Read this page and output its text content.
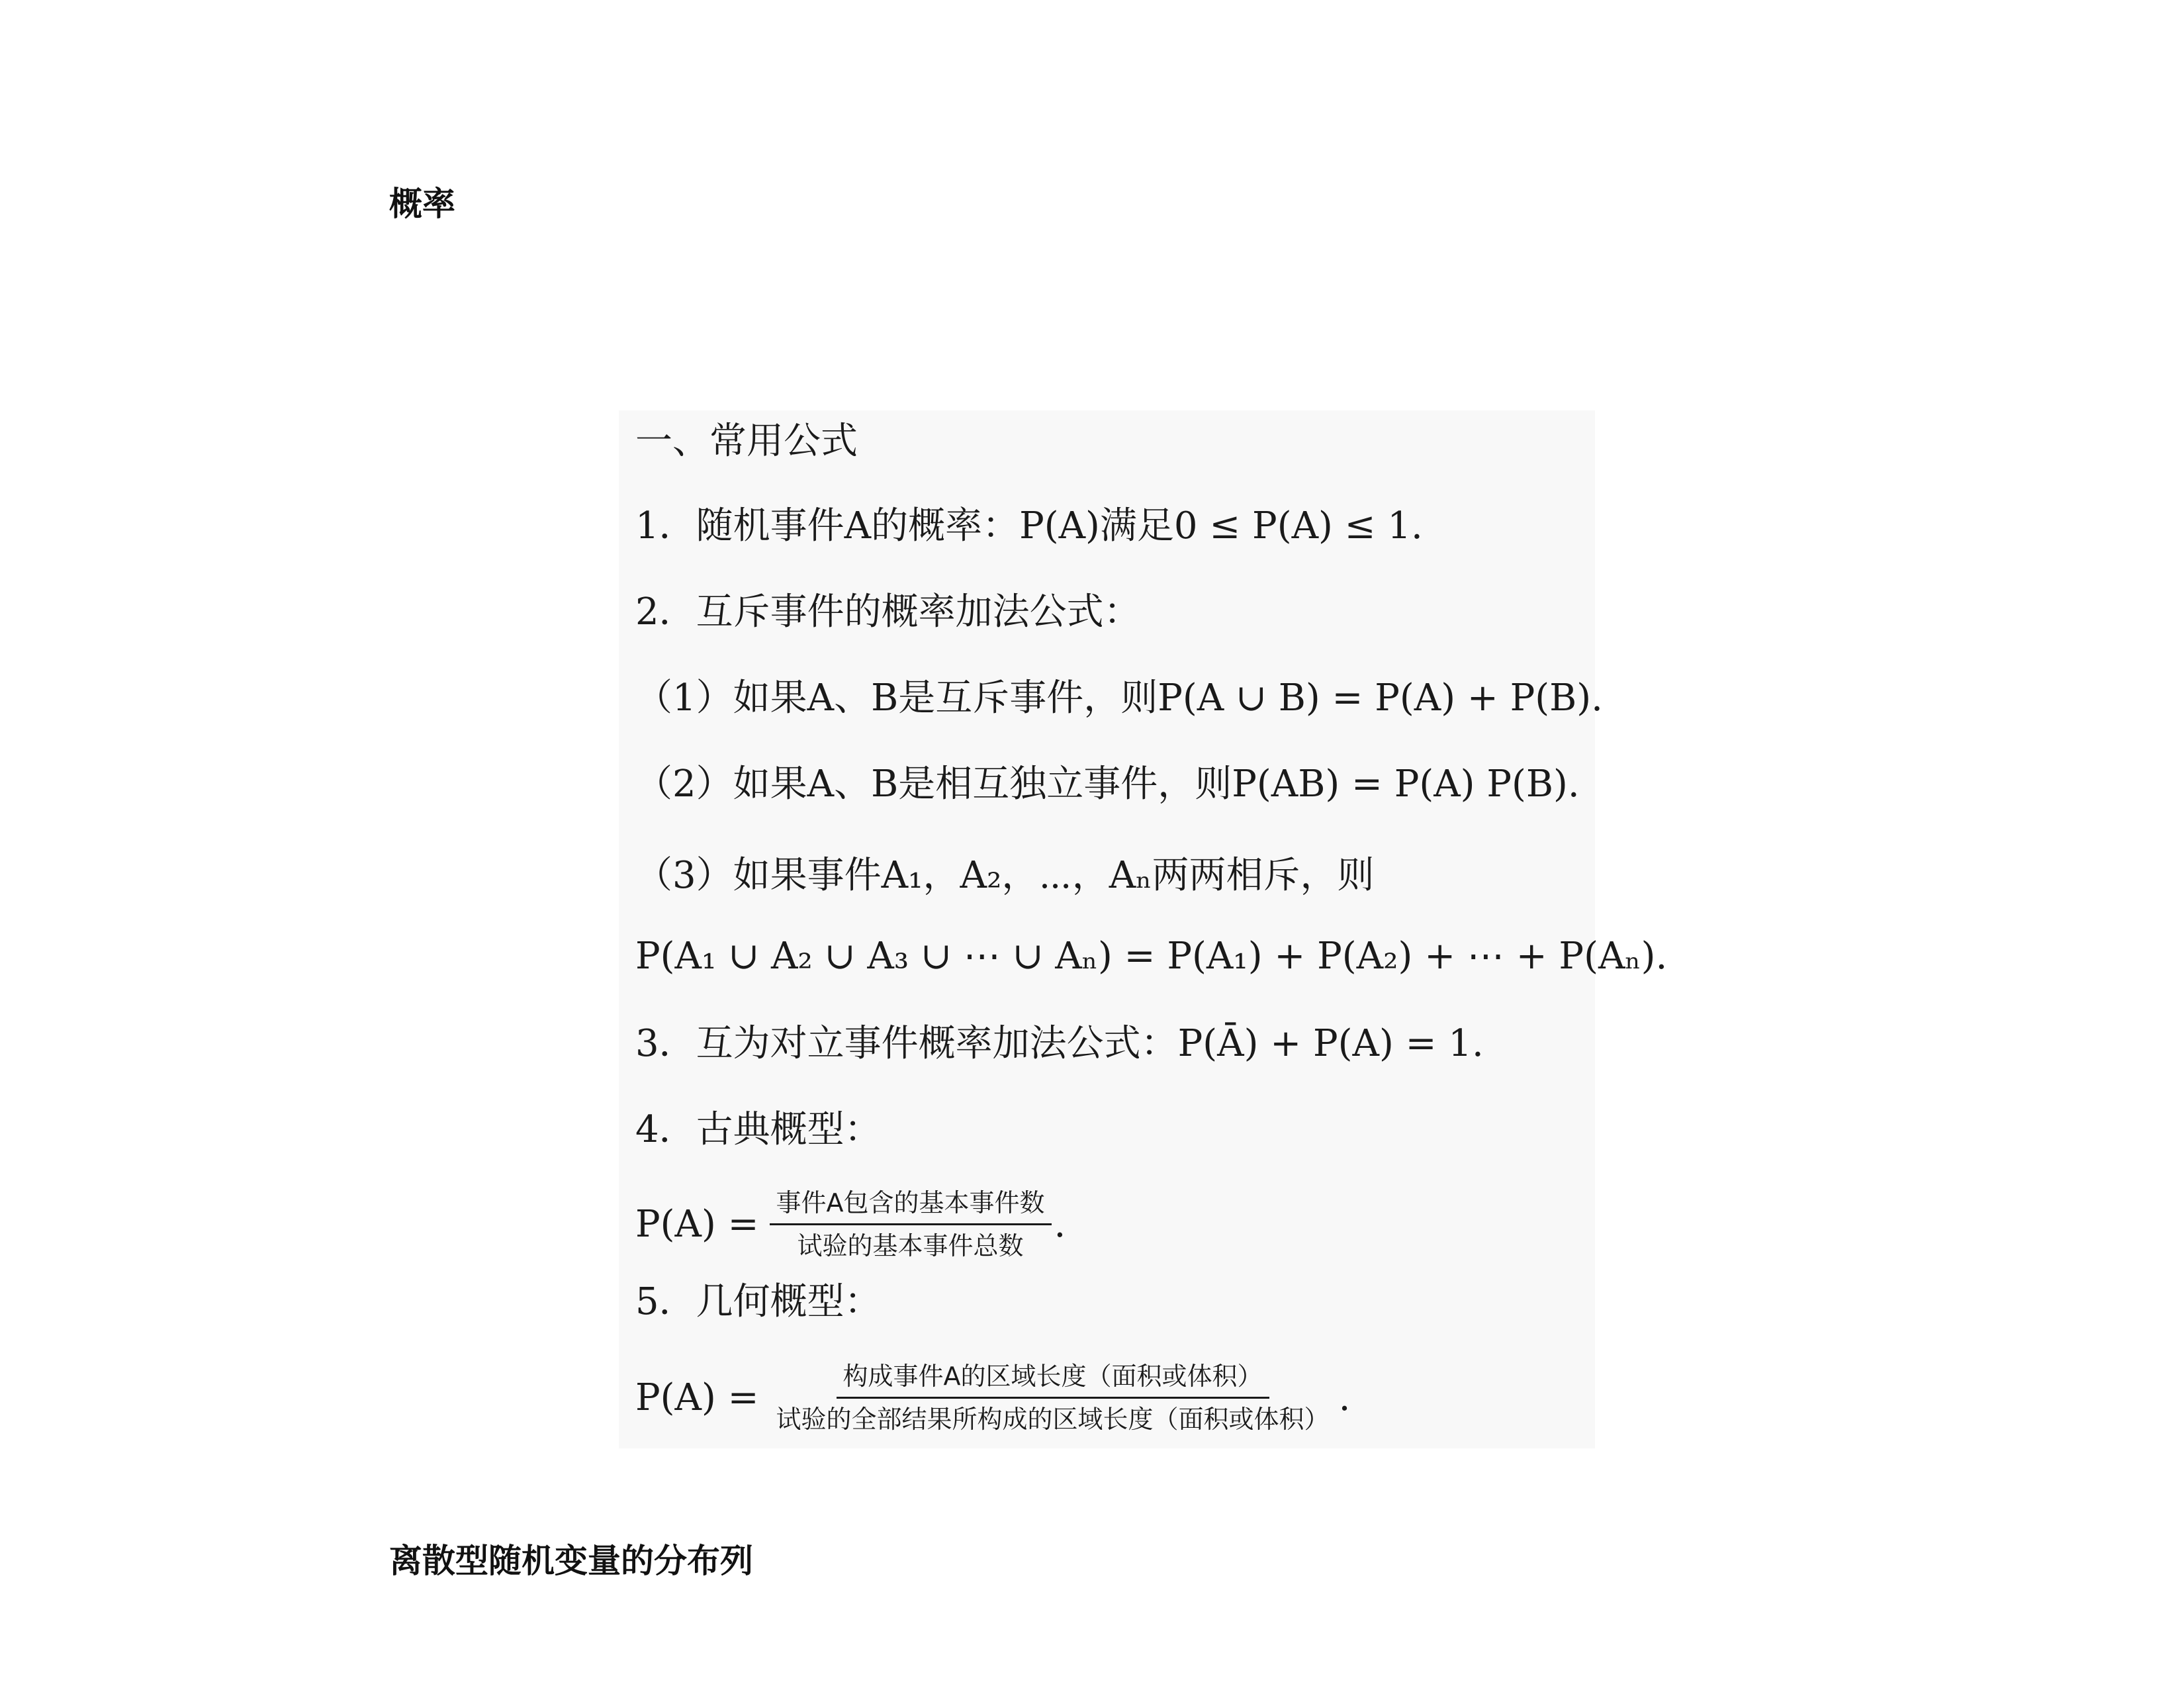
概率
一、常用公式
1．随机事件A的概率：P(A)满足0 ≤ P(A) ≤ 1.
2．互斥事件的概率加法公式：
（1）如果A、B是互斥事件，则P(A ∪ B) = P(A) + P(B).
（2）如果A、B是相互独立事件，则P(AB) = P(A) P(B).
（3）如果事件A₁，A₂，⋯，Aₙ两两相斥，则
P(A₁ ∪ A₂ ∪ A₃ ∪ ⋯ ∪ Aₙ) = P(A₁) + P(A₂) + ⋯ + P(Aₙ).
3．互为对立事件概率加法公式：P(Ā) + P(A) = 1.
4．古典概型：
$P(A) = \frac{\text{事件A包含的基本事件数}}{\text{试验的基本事件总数}}$ .
5．几何概型：
$P(A) = \frac{\text{构成事件A的区域长度（面积或体积）}}{\text{试验的全部结果所构成的区域长度（面积或体积）}}$ .
离散型随机变量的分布列
